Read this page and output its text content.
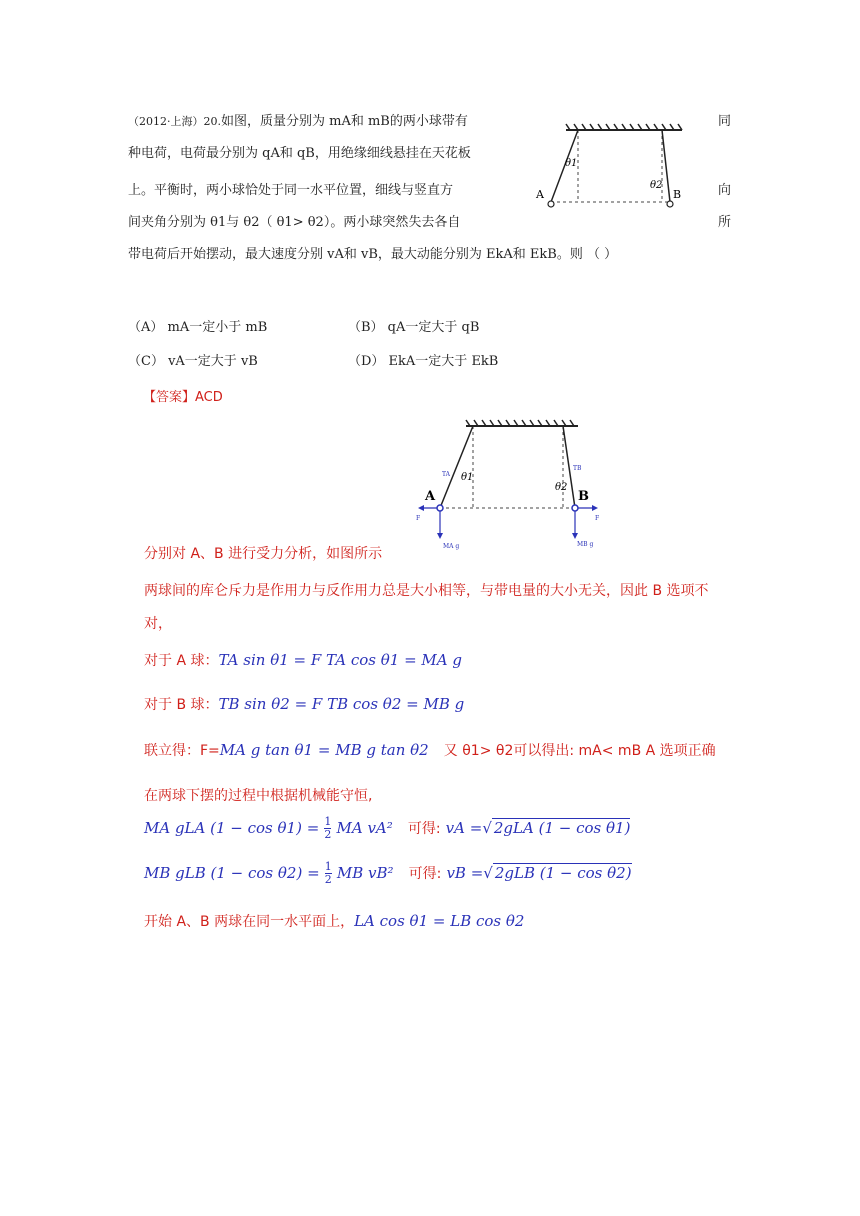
（2012·上海）20.如图，质量分别为 mA和 mB的两小球带有	同
种电荷，电荷最分别为 qA和 qB，用绝缘细线悬挂在天花板
上。平衡时，两小球恰处于同一水平位置，细线与竖直方	向
间夹角分别为 θ1与 θ2（ θ1> θ2）。两小球突然失去各自	所
带电荷后开始摆动，最大速度分别 vA和 vB，最大动能分别为 EkA和 EkB。则 （ ）
A	B
θ1
θ2
（A） mA一定小于 mB	（B） qA一定大于 qB
（C） vA一定大于 vB	（D） EkA一定大于 EkB
【答案】ACD
A	B
θ1
θ2
TA
TB
F	F
MA g	MB g
分别对 A、B 进行受力分析，如图所示
两球间的库仑斥力是作用力与反作用力总是大小相等，与带电量的大小无关，因此 B 选项不
对，
对于 A 球：TA sin θ1 = F TA cos θ1 = MA g
对于 B 球：TB sin θ2 = F TB cos θ2 = MB g
联立得：F=MA g tan θ1 = MB g tan θ2 又 θ1> θ2可以得出: mA< mB A 选项正确
在两球下摆的过程中根据机械能守恒,
MA gLA $(1 - \cos \theta 1) = \frac{1}{2}$ MA vA² 可得: vA =√ 2gLA (1 − cos θ1)
MB gLB $(1 - \cos \theta 2) = \frac{1}{2}$ MB vB² 可得: vB =√ 2gLB (1 − cos θ2)
开始 A、B 两球在同一水平面上，LA cos θ1 = LB cos θ2
